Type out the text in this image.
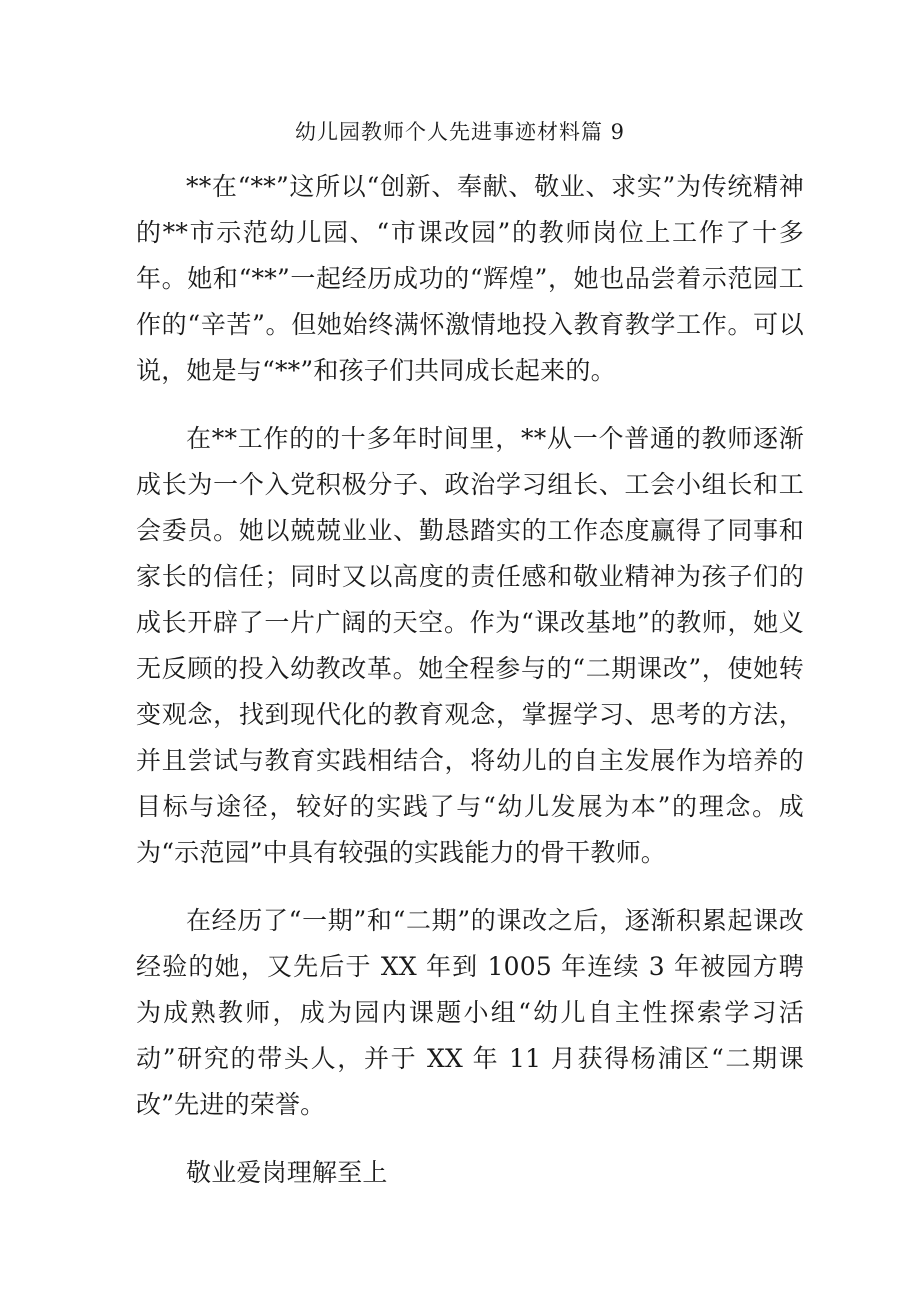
幼儿园教师个人先进事迹材料篇 9

**在“**”这所以“创新、奉献、敬业、求实”为传统精神的**市示范幼儿园、“市课改园”的教师岗位上工作了十多年。她和“**”一起经历成功的“辉煌”，她也品尝着示范园工作的“辛苦”。但她始终满怀激情地投入教育教学工作。可以说，她是与“**”和孩子们共同成长起来的。

在**工作的的十多年时间里，**从一个普通的教师逐渐成长为一个入党积极分子、政治学习组长、工会小组长和工会委员。她以兢兢业业、勤恳踏实的工作态度赢得了同事和家长的信任；同时又以高度的责任感和敬业精神为孩子们的成长开辟了一片广阔的天空。作为“课改基地”的教师，她义无反顾的投入幼教改革。她全程参与的“二期课改”，使她转变观念，找到现代化的教育观念，掌握学习、思考的方法，并且尝试与教育实践相结合，将幼儿的自主发展作为培养的目标与途径，较好的实践了与“幼儿发展为本”的理念。成为“示范园”中具有较强的实践能力的骨干教师。

在经历了“一期”和“二期”的课改之后，逐渐积累起课改经验的她，又先后于 XX 年到 1005 年连续 3 年被园方聘为成熟教师，成为园内课题小组“幼儿自主性探索学习活动”研究的带头人，并于 XX 年 11 月获得杨浦区“二期课改”先进的荣誉。

敬业爱岗理解至上
